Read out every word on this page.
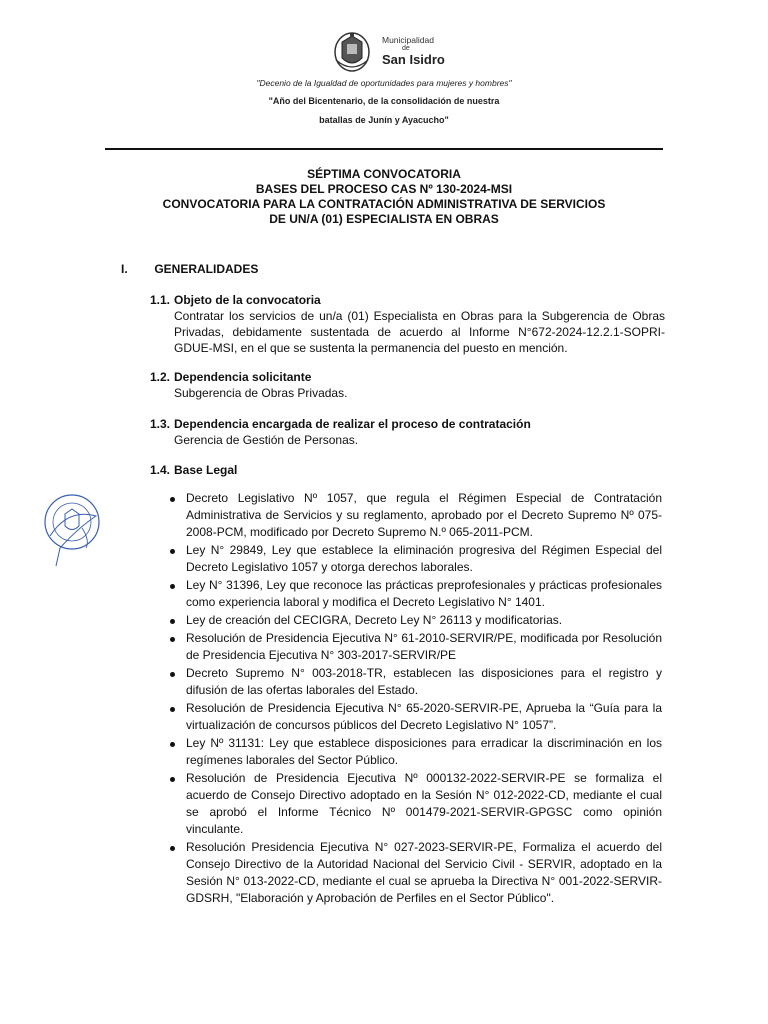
Municipalidad
de
San Isidro
"Decenio de la Igualdad de oportunidades para mujeres y hombres"
"Año del Bicentenario, de la consolidación de nuestra
batallas de Junín y Ayacucho"
SÉPTIMA CONVOCATORIA
BASES DEL PROCESO CAS Nº 130-2024-MSI
CONVOCATORIA PARA LA CONTRATACIÓN ADMINISTRATIVA DE SERVICIOS
DE UN/A (01) ESPECIALISTA EN OBRAS
I. GENERALIDADES
1.1. Objeto de la convocatoria
Contratar los servicios de un/a (01) Especialista en Obras para la Subgerencia de Obras Privadas, debidamente sustentada de acuerdo al Informe N°672-2024-12.2.1-SOPRI-GDUE-MSI, en el que se sustenta la permanencia del puesto en mención.
1.2. Dependencia solicitante
Subgerencia de Obras Privadas.
1.3. Dependencia encargada de realizar el proceso de contratación
Gerencia de Gestión de Personas.
1.4. Base Legal
Decreto Legislativo Nº 1057, que regula el Régimen Especial de Contratación Administrativa de Servicios y su reglamento, aprobado por el Decreto Supremo Nº 075-2008-PCM, modificado por Decreto Supremo N.º 065-2011-PCM.
Ley N° 29849, Ley que establece la eliminación progresiva del Régimen Especial del Decreto Legislativo 1057 y otorga derechos laborales.
Ley N° 31396, Ley que reconoce las prácticas preprofesionales y prácticas profesionales como experiencia laboral y modifica el Decreto Legislativo N° 1401.
Ley de creación del CECIGRA, Decreto Ley N° 26113 y modificatorias.
Resolución de Presidencia Ejecutiva N° 61-2010-SERVIR/PE, modificada por Resolución de Presidencia Ejecutiva N° 303-2017-SERVIR/PE
Decreto Supremo N° 003-2018-TR, establecen las disposiciones para el registro y difusión de las ofertas laborales del Estado.
Resolución de Presidencia Ejecutiva N° 65-2020-SERVIR-PE, Aprueba la “Guía para la virtualización de concursos públicos del Decreto Legislativo N° 1057”.
Ley Nº 31131: Ley que establece disposiciones para erradicar la discriminación en los regímenes laborales del Sector Público.
Resolución de Presidencia Ejecutiva Nº 000132-2022-SERVIR-PE se formaliza el acuerdo de Consejo Directivo adoptado en la Sesión N° 012-2022-CD, mediante el cual se aprobó el Informe Técnico Nº 001479-2021-SERVIR-GPGSC como opinión vinculante.
Resolución Presidencia Ejecutiva N° 027-2023-SERVIR-PE, Formaliza el acuerdo del Consejo Directivo de la Autoridad Nacional del Servicio Civil - SERVIR, adoptado en la Sesión N° 013-2022-CD, mediante el cual se aprueba la Directiva N° 001-2022-SERVIR-GDSRH, "Elaboración y Aprobación de Perfiles en el Sector Público".
